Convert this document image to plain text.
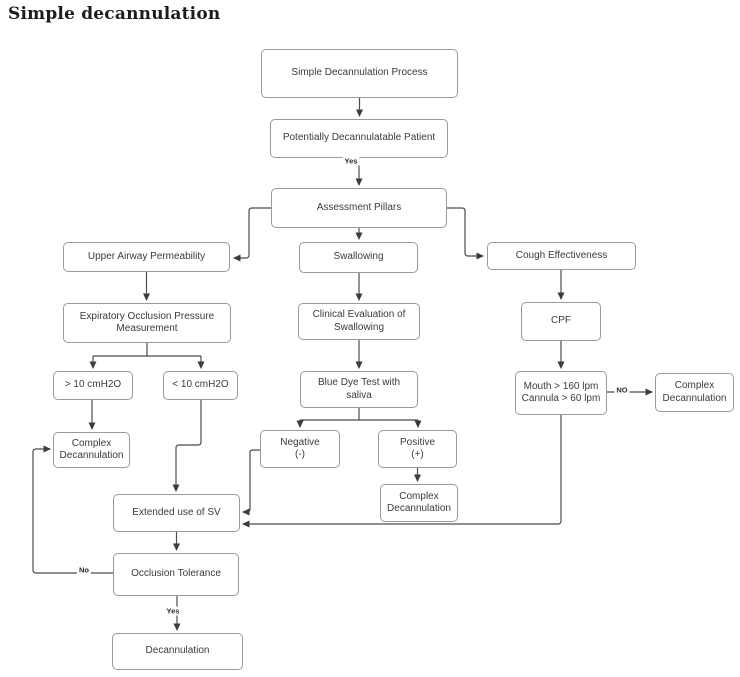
Simple decannulation
Simple Decannulation Process
Potentially Decannulatable Patient
Assessment Pillars
Upper Airway Permeability	Swallowing	Cough Effectiveness
Expiratory Occlusion Pressure
Measurement
Clinical Evaluation of
Swallowing
CPF
> 10 cmH2O	< 10 cmH2O	Blue Dye Test with
saliva
Mouth > 160 lpm
Cannula > 60 lpm
Complex
Decannulation
Complex
Decannulation
Negative
(-)
Positive
(+)
Complex
Decannulation
Extended use of SV
Occlusion Tolerance
Decannulation
Yes
NO
No
Yes
